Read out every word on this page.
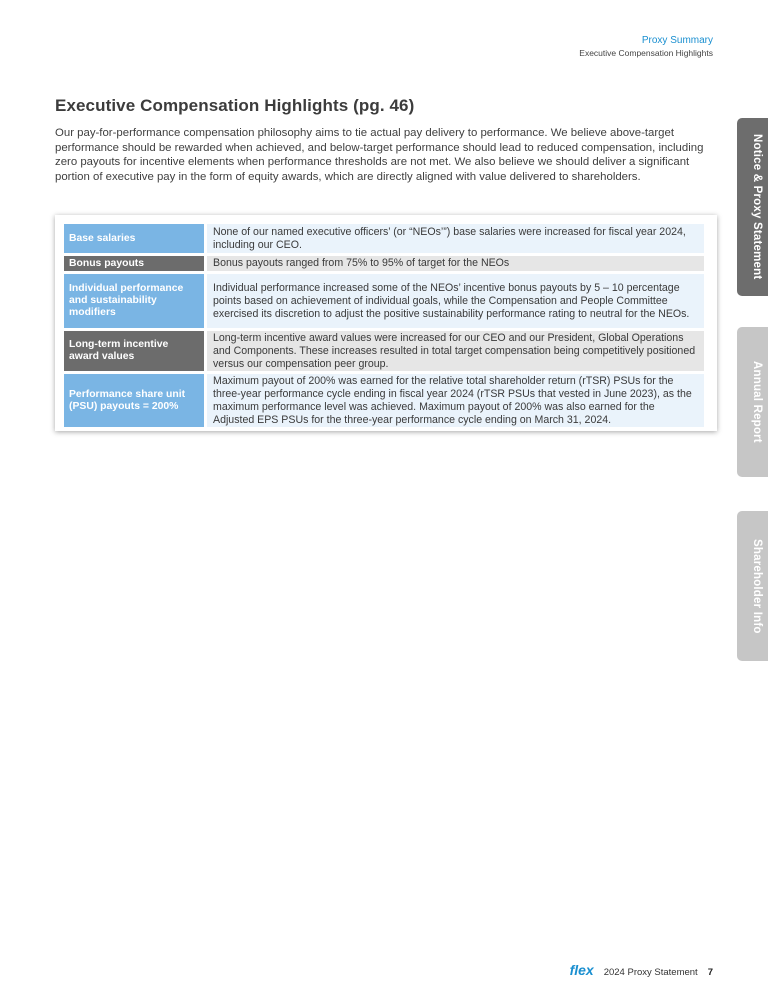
Proxy Summary
Executive Compensation Highlights
Executive Compensation Highlights (pg. 46)

Our pay-for-performance compensation philosophy aims to tie actual pay delivery to performance. We believe above-target performance should be rewarded when achieved, and below-target performance should lead to reduced compensation, including zero payouts for incentive elements when performance thresholds are not met. We also believe we should deliver a significant portion of executive pay in the form of equity awards, which are directly aligned with value delivered to shareholders.

Base salaries
None of our named executive officers’ (or “NEOs’”) base salaries were increased for fiscal year 2024, including our CEO.
Bonus payouts	Bonus payouts ranged from 75% to 95% of target for the NEOs
Individual performance and sustainability modifiers
Individual performance increased some of the NEOs’ incentive bonus payouts by 5 – 10 percentage points based on achievement of individual goals, while the Compensation and People Committee exercised its discretion to adjust the positive sustainability performance rating to neutral for the NEOs.
Long-term incentive award values
Long-term incentive award values were increased for our CEO and our President, Global Operations and Components. These increases resulted in total target compensation being competitively positioned versus our compensation peer group.
Performance share unit (PSU) payouts = 200%
Maximum payout of 200% was earned for the relative total shareholder return (rTSR) PSUs for the three-year performance cycle ending in fiscal year 2024 (rTSR PSUs that vested in June 2023), as the maximum performance level was achieved. Maximum payout of 200% was also earned for the Adjusted EPS PSUs for the three-year performance cycle ending on March 31, 2024.
Notice & Proxy Statement
Annual Report
Shareholder Info
flex 2024 Proxy Statement 7
